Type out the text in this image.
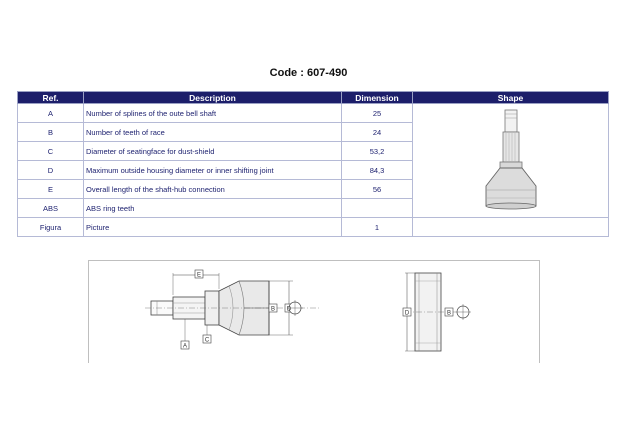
Code : 607-490
Ref.	Description	Dimension	Shape
A	Number of splines of the oute bell shaft	25	
B	Number of teeth of race	24	
C	Diameter of seatingface for dust-shield	53,2	
D	Maximum outside housing diameter or inner shifting joint	84,3	
E	Overall length of the shaft-hub connection	56	
ABS	ABS ring teeth		
Figura	Picture	1	
E
B D
A
C
D	B
